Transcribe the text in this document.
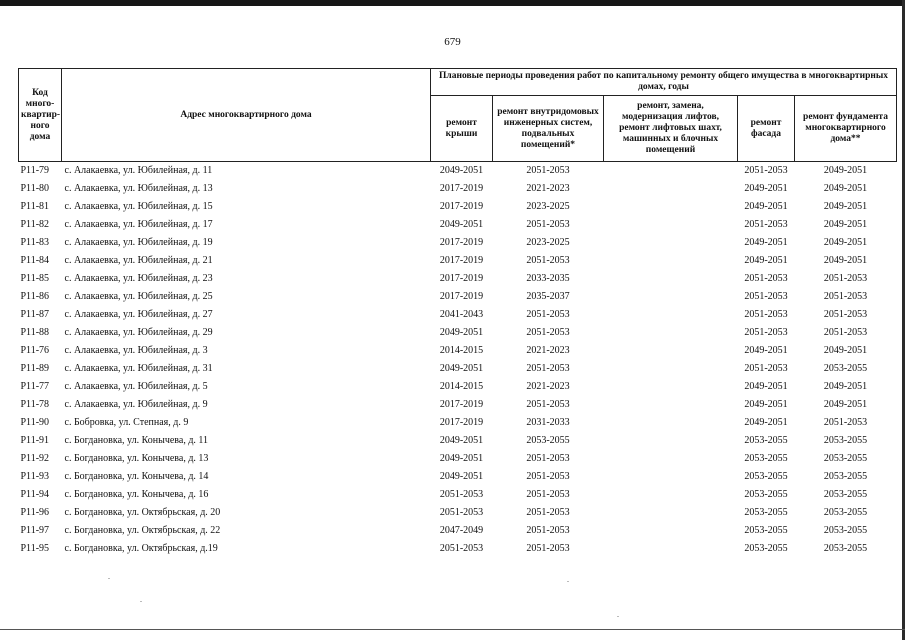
679
Код много-квартир-ного дома	Адрес многоквартирного дома	Плановые периоды проведения работ по капитальному ремонту общего имущества в многоквартирных домах, годы				
		ремонт крыши	ремонт внутридомовых инженерных систем, подвальных помещений*	ремонт, замена, модернизация лифтов, ремонт лифтовых шахт, машинных и блочных помещений	ремонт фасада	ремонт фундамента многоквартирного дома**
P11-79	с. Алакаевка, ул. Юбилейная, д. 11	2049-2051	2051-2053		2051-2053	2049-2051
P11-80	с. Алакаевка, ул. Юбилейная, д. 13	2017-2019	2021-2023		2049-2051	2049-2051
P11-81	с. Алакаевка, ул. Юбилейная, д. 15	2017-2019	2023-2025		2049-2051	2049-2051
P11-82	с. Алакаевка, ул. Юбилейная, д. 17	2049-2051	2051-2053		2051-2053	2049-2051
P11-83	с. Алакаевка, ул. Юбилейная, д. 19	2017-2019	2023-2025		2049-2051	2049-2051
P11-84	с. Алакаевка, ул. Юбилейная, д. 21	2017-2019	2051-2053		2049-2051	2049-2051
P11-85	с. Алакаевка, ул. Юбилейная, д. 23	2017-2019	2033-2035		2051-2053	2051-2053
P11-86	с. Алакаевка, ул. Юбилейная, д. 25	2017-2019	2035-2037		2051-2053	2051-2053
P11-87	с. Алакаевка, ул. Юбилейная, д. 27	2041-2043	2051-2053		2051-2053	2051-2053
P11-88	с. Алакаевка, ул. Юбилейная, д. 29	2049-2051	2051-2053		2051-2053	2051-2053
P11-76	с. Алакаевка, ул. Юбилейная, д. 3	2014-2015	2021-2023		2049-2051	2049-2051
P11-89	с. Алакаевка, ул. Юбилейная, д. 31	2049-2051	2051-2053		2051-2053	2053-2055
P11-77	с. Алакаевка, ул. Юбилейная, д. 5	2014-2015	2021-2023		2049-2051	2049-2051
P11-78	с. Алакаевка, ул. Юбилейная, д. 9	2017-2019	2051-2053		2049-2051	2049-2051
P11-90	с. Бобровка, ул. Степная, д. 9	2017-2019	2031-2033		2049-2051	2051-2053
P11-91	с. Богдановка, ул. Конычева, д. 11	2049-2051	2053-2055		2053-2055	2053-2055
P11-92	с. Богдановка, ул. Конычева, д. 13	2049-2051	2051-2053		2053-2055	2053-2055
P11-93	с. Богдановка, ул. Конычева, д. 14	2049-2051	2051-2053		2053-2055	2053-2055
P11-94	с. Богдановка, ул. Конычева, д. 16	2051-2053	2051-2053		2053-2055	2053-2055
P11-96	с. Богдановка, ул. Октябрьская, д. 20	2051-2053	2051-2053		2053-2055	2053-2055
P11-97	с. Богдановка, ул. Октябрьская, д. 22	2047-2049	2051-2053		2053-2055	2053-2055
P11-95	с. Богдановка, ул. Октябрьская, д.19	2051-2053	2051-2053		2053-2055	2053-2055
